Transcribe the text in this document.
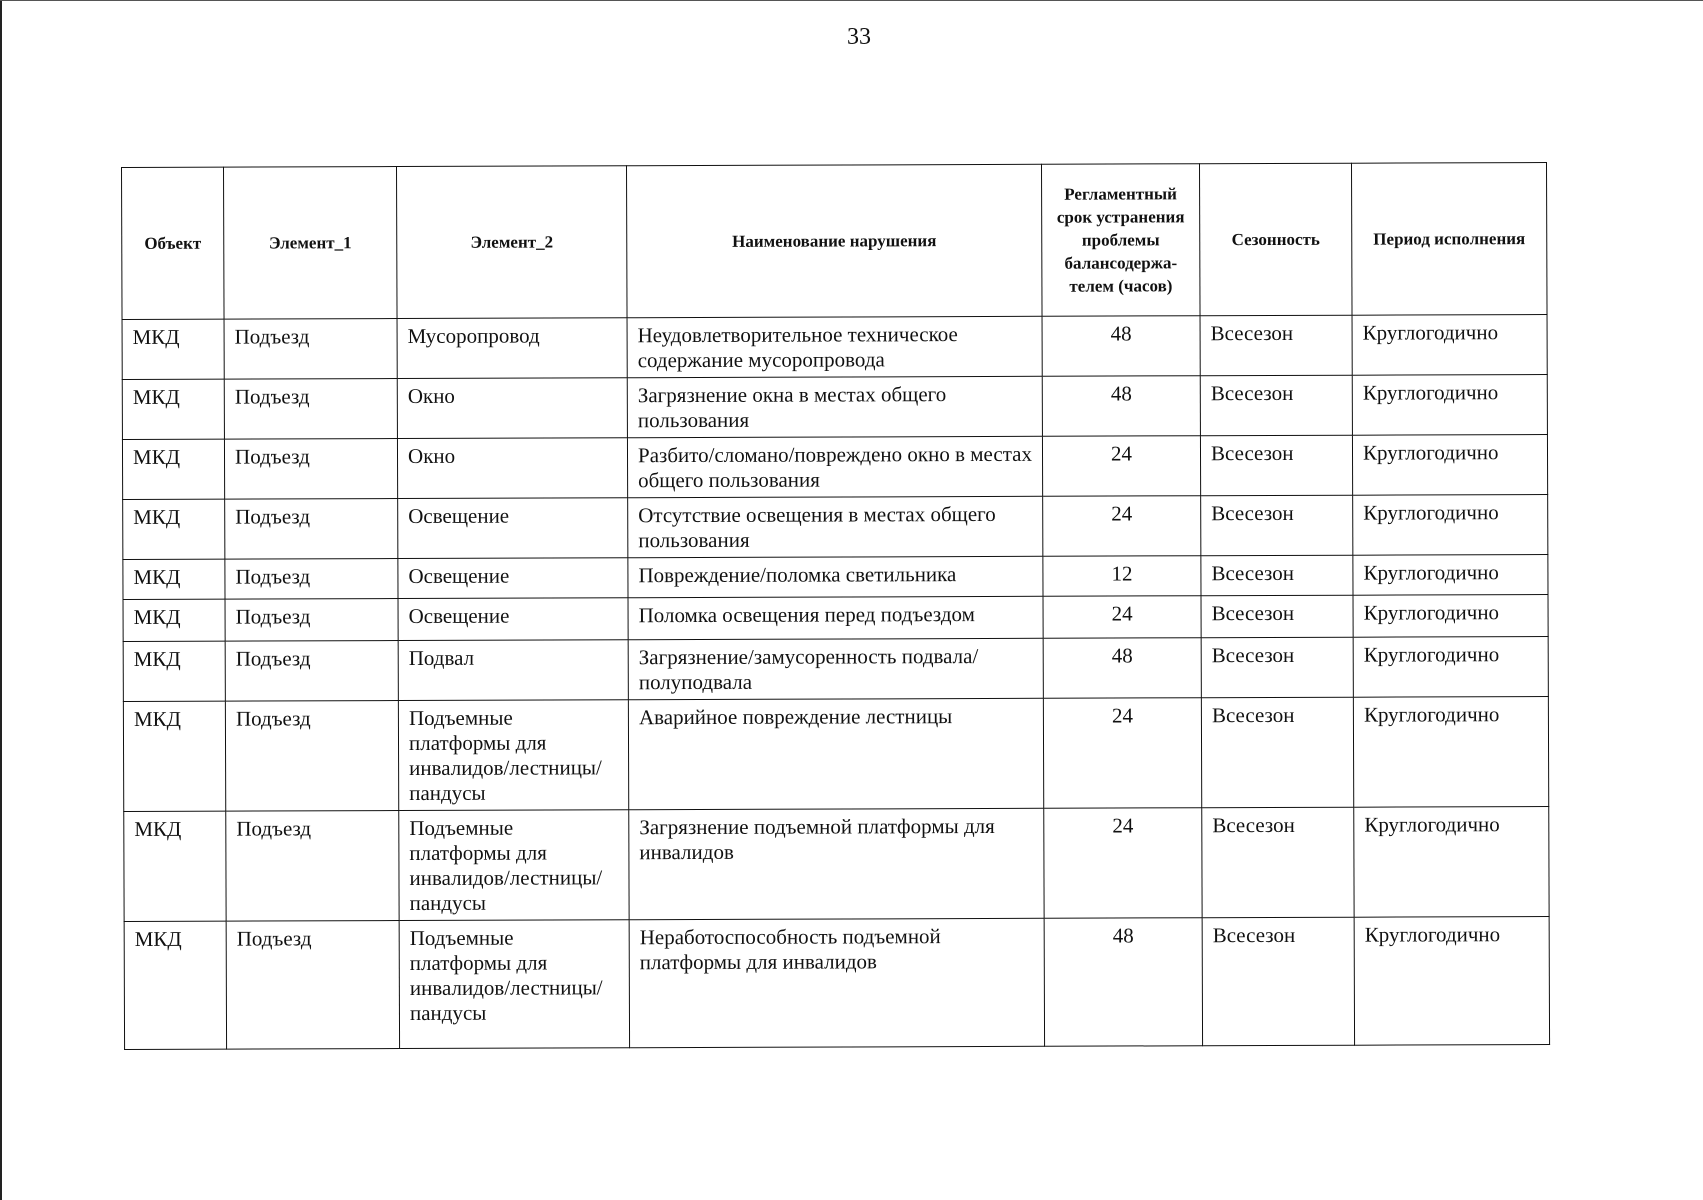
33
Объект	Элемент_1	Элемент_2	Наименование нарушения	Регламентный срок устранения проблемы балансодержа-телем (часов)	Сезонность	Период исполнения
МКД	Подъезд	Мусоропровод	Неудовлетворительное техническое содержание мусоропровода	48	Всесезон	Круглогодично
МКД	Подъезд	Окно	Загрязнение окна в местах общего пользования	48	Всесезон	Круглогодично
МКД	Подъезд	Окно	Разбито/сломано/повреждено окно в местах общего пользования	24	Всесезон	Круглогодично
МКД	Подъезд	Освещение	Отсутствие освещения в местах общего пользования	24	Всесезон	Круглогодично
МКД	Подъезд	Освещение	Повреждение/поломка светильника	12	Всесезон	Круглогодично
МКД	Подъезд	Освещение	Поломка освещения перед подъездом	24	Всесезон	Круглогодично
МКД	Подъезд	Подвал	Загрязнение/замусоренность подвала/полуподвала	48	Всесезон	Круглогодично
МКД	Подъезд	Подъемные платформы для инвалидов/лестницы/ пандусы	Аварийное повреждение лестницы	24	Всесезон	Круглогодично
МКД	Подъезд	Подъемные платформы для инвалидов/лестницы/ пандусы	Загрязнение подъемной платформы для инвалидов	24	Всесезон	Круглогодично
МКД	Подъезд	Подъемные платформы для инвалидов/лестницы/ пандусы	Неработоспособность подъемной платформы для инвалидов	48	Всесезон	Круглогодично
